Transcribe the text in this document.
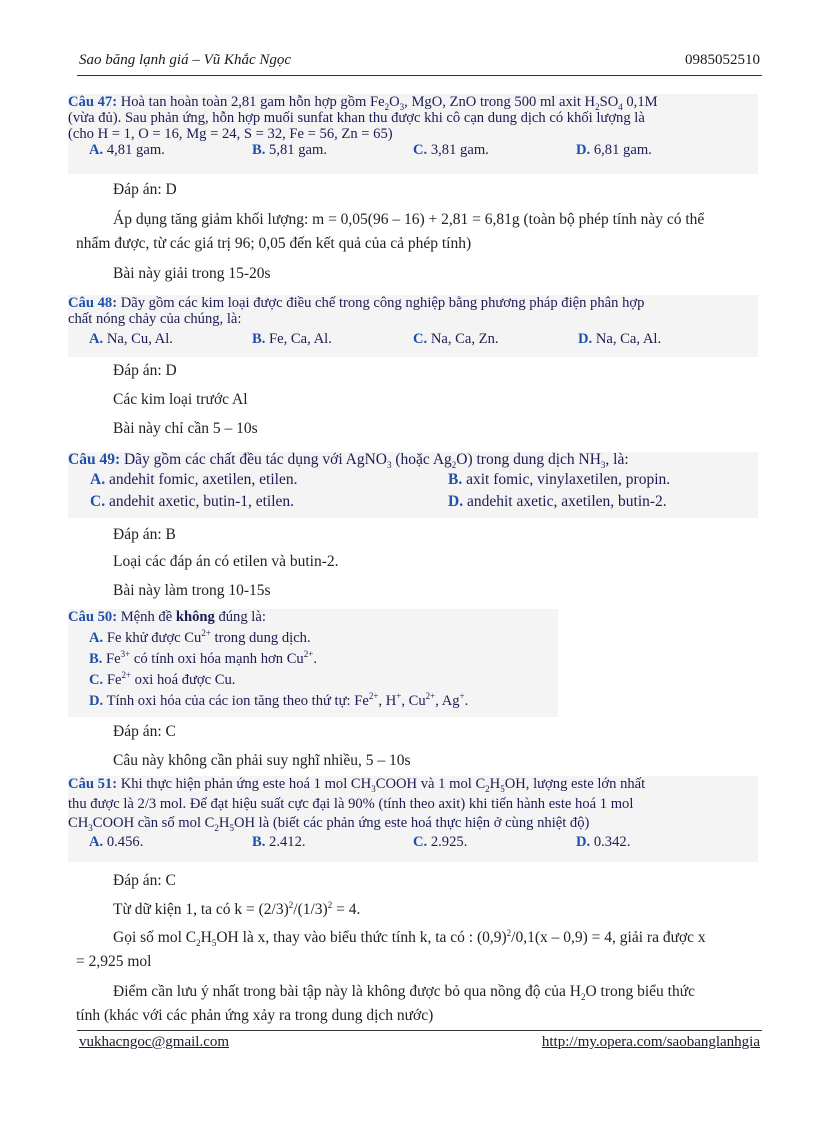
Sao băng lạnh giá – Vũ Khắc Ngọc	0985052510
Câu 47: Hoà tan hoàn toàn 2,81 gam hỗn hợp gồm $Fe_2O_3$, MgO, ZnO trong 500 ml axit $H_2SO_4$ 0,1M
(vừa đủ). Sau phản ứng, hỗn hợp muối sunfat khan thu được khi cô cạn dung dịch có khối lượng là
(cho H = 1, O = 16, Mg = 24, S = 32, Fe = 56, Zn = 65)
A. 4,81 gam.	B. 5,81 gam.	C. 3,81 gam.	D. 6,81 gam.
Đáp án: D
Áp dụng tăng giảm khối lượng: m = 0,05(96 – 16) + 2,81 = 6,81g (toàn bộ phép tính này có thể
nhẩm được, từ các giá trị 96; 0,05 đến kết quả của cả phép tính)
Bài này giải trong 15-20s
Câu 48: Dãy gồm các kim loại được điều chế trong công nghiệp bằng phương pháp điện phân hợp
chất nóng chảy của chúng, là:
A. Na, Cu, Al.	B. Fe, Ca, Al.	C. Na, Ca, Zn.	D. Na, Ca, Al.
Đáp án: D
Các kim loại trước Al
Bài này chỉ cần 5 – 10s
Câu 49: Dãy gồm các chất đều tác dụng với AgNO$_3$ (hoặc $Ag_2O$) trong dung dịch $NH_3$, là:
A. andehit fomic, axetilen, etilen.	B. axit fomic, vinylaxetilen, propin.
C. andehit axetic, butin-1, etilen.	D. andehit axetic, axetilen, butin-2.
Đáp án: B
Loại các đáp án có etilen và butin-2.
Bài này làm trong 10-15s
Câu 50: Mệnh đề không đúng là:
A. Fe khử được $Cu^{2+}$ trong dung dịch.
B. $Fe^{3+}$ có tính oxi hóa mạnh hơn $Cu^{2+}$.
C. $Fe^{2+}$ oxi hoá được Cu.
D. Tính oxi hóa của các ion tăng theo thứ tự: $Fe^{2+}$, H+, $Cu^{2+}$, Ag+.
Đáp án: C
Câu này không cần phải suy nghĩ nhiều, 5 – 10s
Câu 51: Khi thực hiện phản ứng este hoá 1 mol $CH_3COOH$ và 1 mol $C_2H_5OH$, lượng este lớn nhất
thu được là 2/3 mol. Để đạt hiệu suất cực đại là 90% (tính theo axit) khi tiến hành este hoá 1 mol
$CH_3COOH$ cần số mol $C_2H_5OH$ là (biết các phản ứng este hoá thực hiện ở cùng nhiệt độ)
A. 0.456.	B. 2.412.	C. 2.925.	D. 0.342.
Đáp án: C
Từ dữ kiện 1, ta có $k = (2/3)^2/(1/3)^2 = 4$.
Gọi số mol $C_2H_5OH$ là x, thay vào biểu thức tính k, ta có : $(0,9)^2/0,1(x - 0,9) = 4$, giải ra được x
= 2,925 mol
Điểm cần lưu ý nhất trong bài tập này là không được bỏ qua nồng độ của $H_2O$ trong biểu thức
tính (khác với các phản ứng xảy ra trong dung dịch nước)
vukhacngoc@gmail.com	http://my.opera.com/saobanglanhgia
